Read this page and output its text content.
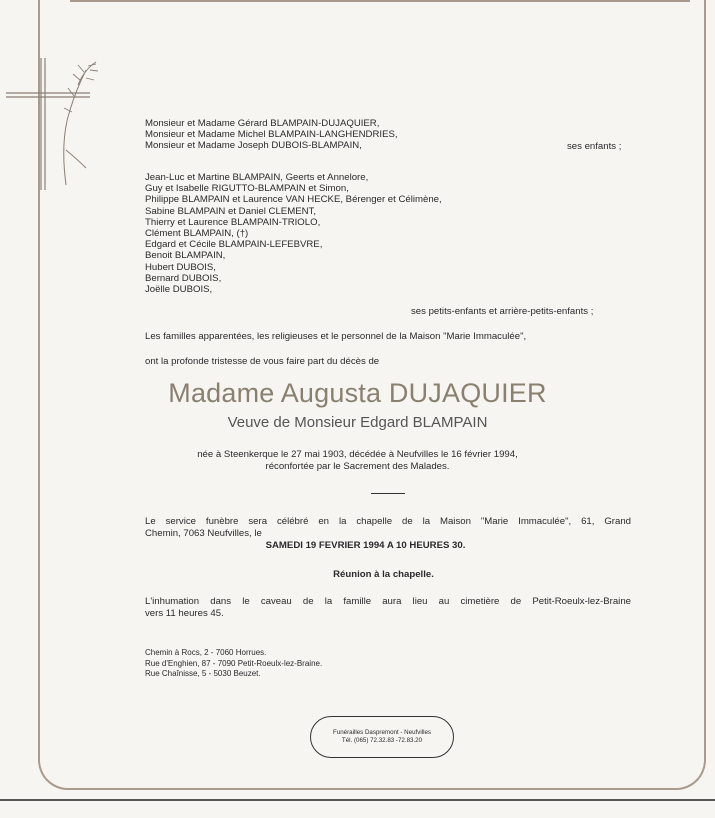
Monsieur et Madame Gérard BLAMPAIN-DUJAQUIER,
Monsieur et Madame Michel BLAMPAIN-LANGHENDRIES,
Monsieur et Madame Joseph DUBOIS-BLAMPAIN,	ses enfants ;
Jean-Luc et Martine BLAMPAIN, Geerts et Annelore,
Guy et Isabelle RIGUTTO-BLAMPAIN et Simon,
Philippe BLAMPAIN et Laurence VAN HECKE, Bérenger et Célimène,
Sabine BLAMPAIN et Daniel CLEMENT,
Thierry et Laurence BLAMPAIN-TRIOLO,
Clément BLAMPAIN, (†)
Edgard et Cécile BLAMPAIN-LEFEBVRE,
Benoit BLAMPAIN,
Hubert DUBOIS,
Bernard DUBOIS,
Joëlle DUBOIS,
ses petits-enfants et arrière-petits-enfants ;
Les familles apparentées, les religieuses et le personnel de la Maison "Marie Immaculée",
ont la profonde tristesse de vous faire part du décès de
Madame Augusta DUJAQUIER
Veuve de Monsieur Edgard BLAMPAIN
née à Steenkerque le 27 mai 1903, décédée à Neufvilles le 16 février 1994,
réconfortée par le Sacrement des Malades.
Le service funèbre sera célébré en la chapelle de la Maison "Marie Immaculée", 61, Grand
Chemin, 7063 Neufvilles, le
SAMEDI 19 FEVRIER 1994 A 10 HEURES 30.
Réunion à la chapelle.
L'inhumation dans le caveau de la famille aura lieu au cimetière de Petit-Roeulx-lez-Braine
vers 11 heures 45.
Chemin à Rocs, 2 - 7060 Horrues.
Rue d'Enghien, 87 - 7090 Petit-Roeulx-lez-Braine.
Rue Chaînisse, 5 - 5030 Beuzet.
Funérailles Daspremont - Neufvilles
Tél. (065) 72.32.83 -72.83.20
